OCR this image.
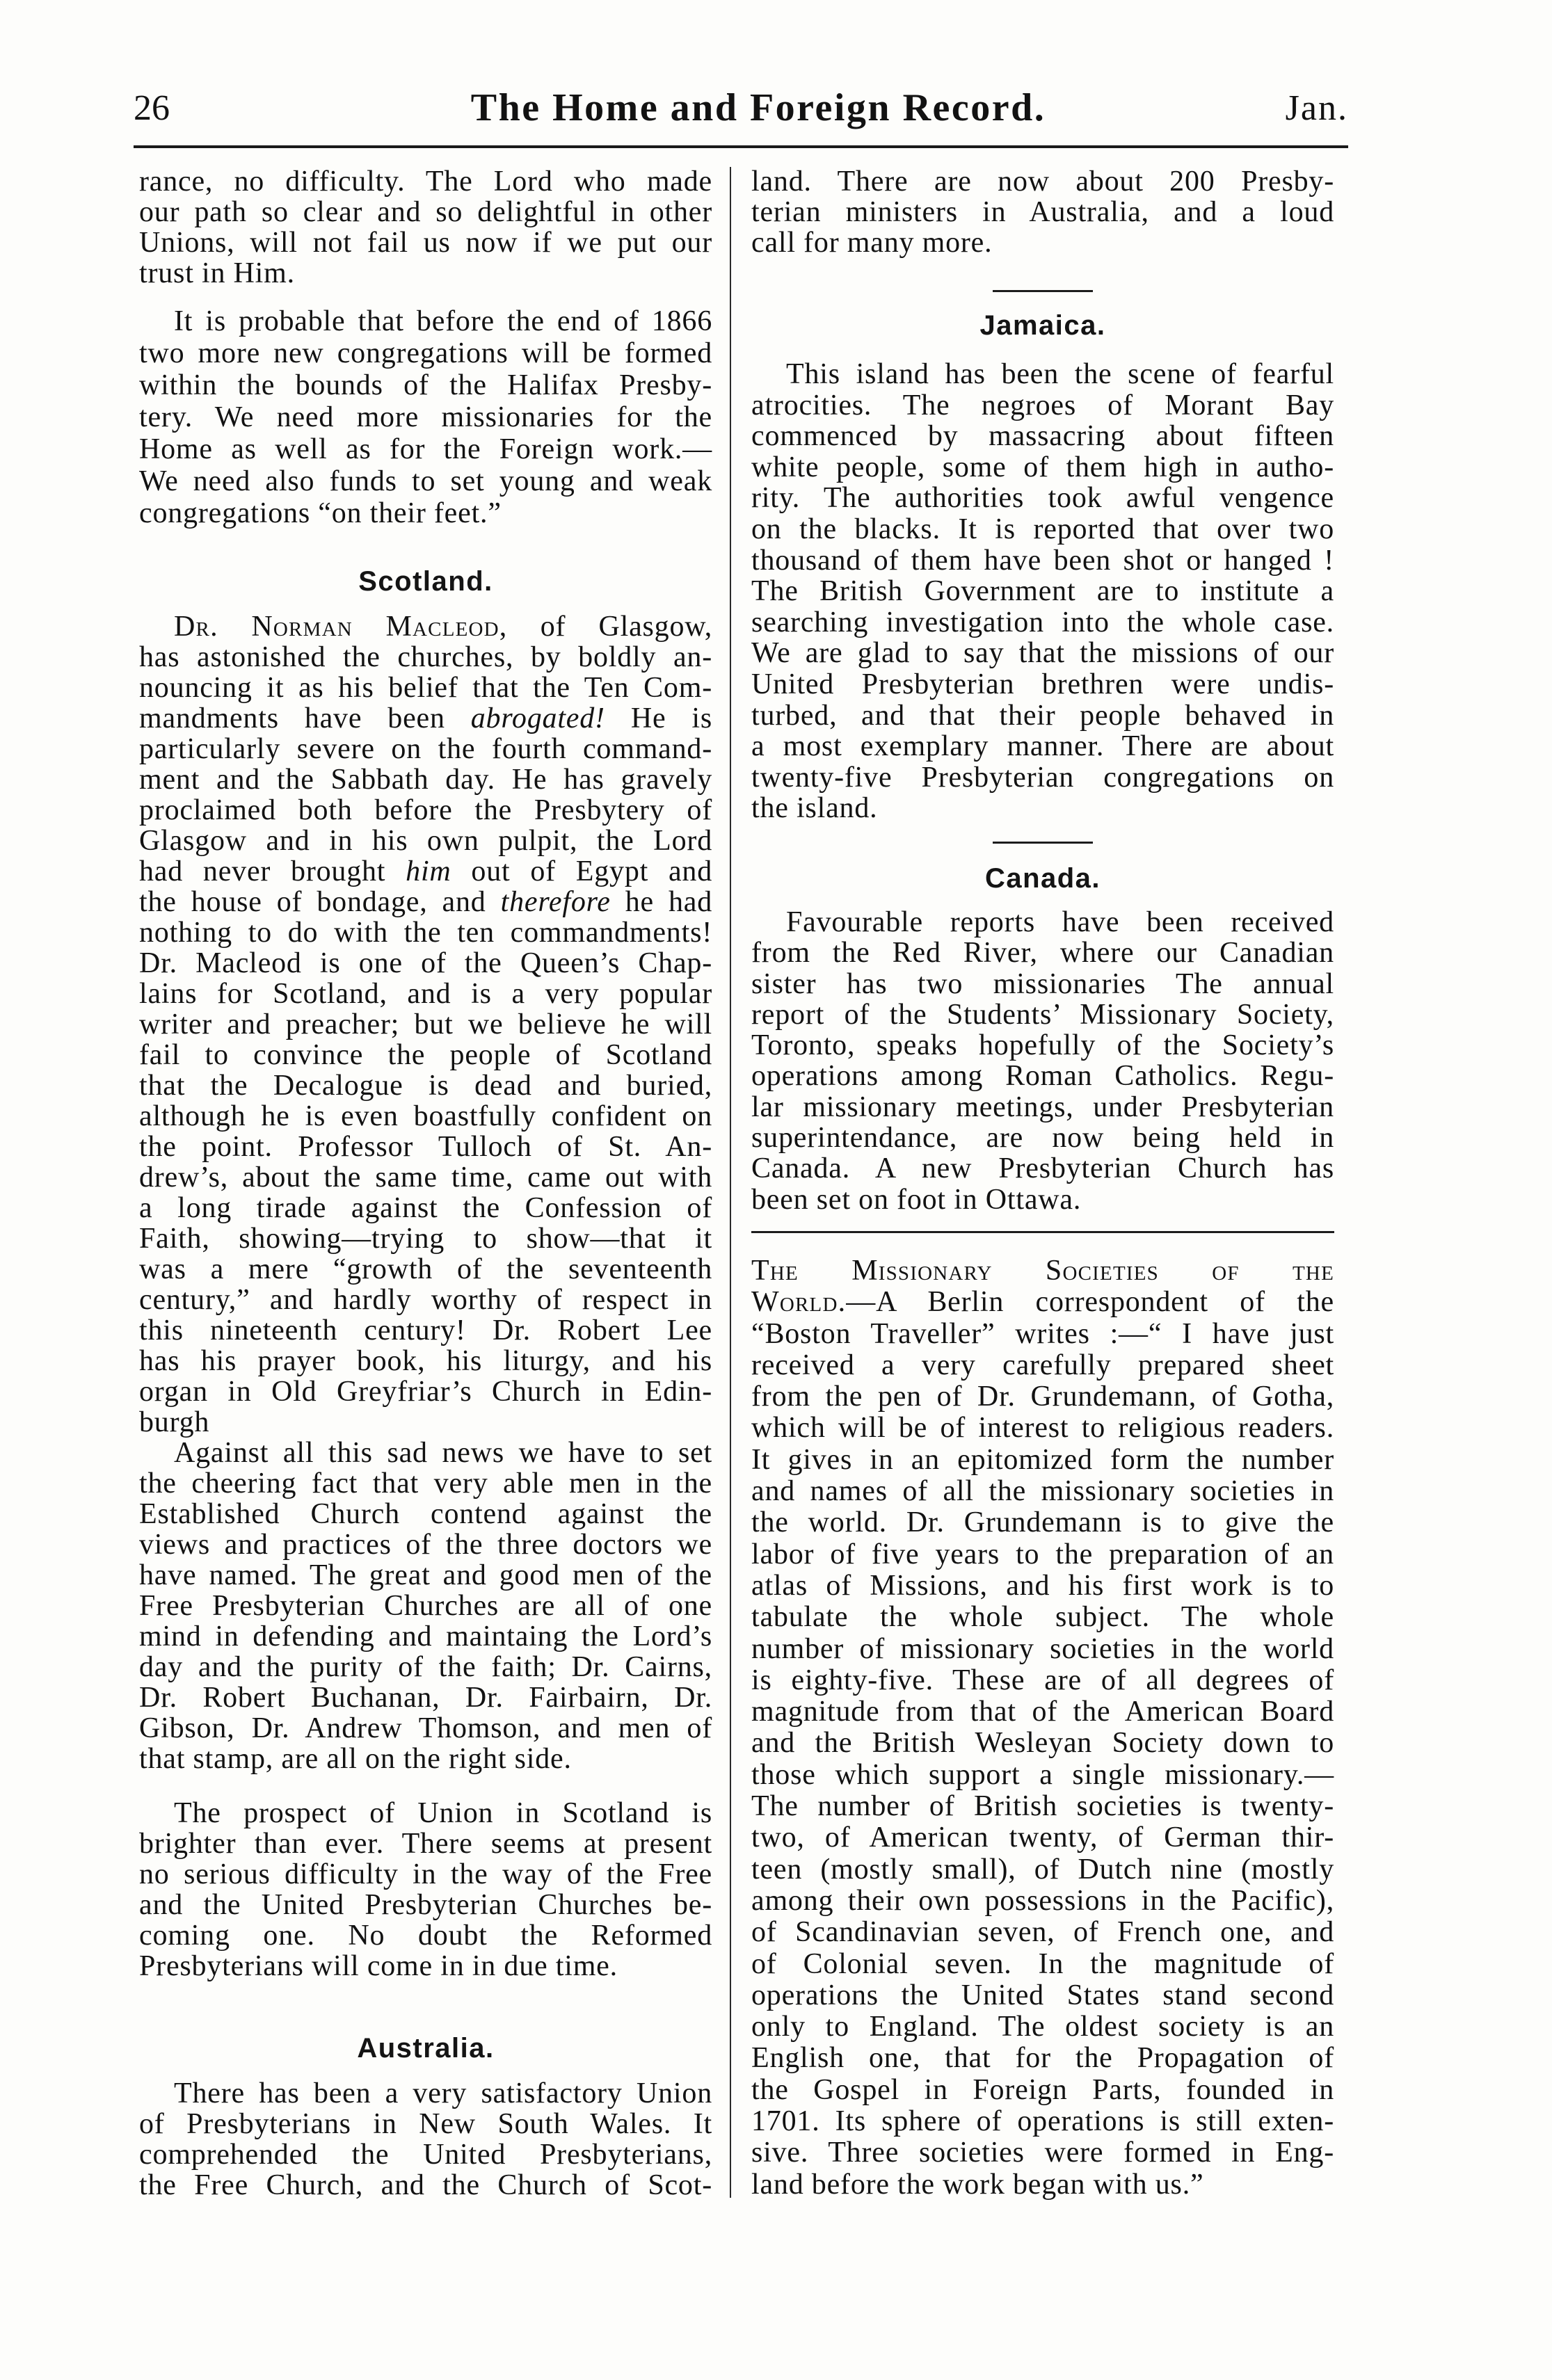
26	The Home and Foreign Record.	Jan.
rance, no difficulty. The Lord who made
our path so clear and so delightful in other
Unions, will not fail us now if we put our
trust in Him.
It is probable that before the end of 1866
two more new congregations will be formed
within the bounds of the Halifax Presby-
tery. We need more missionaries for the
Home as well as for the Foreign work.—
We need also funds to set young and weak
congregations “on their feet.”
Scotland.
Dr. Norman Macleod, of Glasgow,
has astonished the churches, by boldly an-
nouncing it as his belief that the Ten Com-
mandments have been abrogated! He is
particularly severe on the fourth command-
ment and the Sabbath day. He has gravely
proclaimed both before the Presbytery of
Glasgow and in his own pulpit, the Lord
had never brought him out of Egypt and
the house of bondage, and therefore he had
nothing to do with the ten commandments!
Dr. Macleod is one of the Queen’s Chap-
lains for Scotland, and is a very popular
writer and preacher; but we believe he will
fail to convince the people of Scotland
that the Decalogue is dead and buried,
although he is even boastfully confident on
the point. Professor Tulloch of St. An-
drew’s, about the same time, came out with
a long tirade against the Confession of
Faith, showing—trying to show—that it
was a mere “growth of the seventeenth
century,” and hardly worthy of respect in
this nineteenth century! Dr. Robert Lee
has his prayer book, his liturgy, and his
organ in Old Greyfriar’s Church in Edin-
burgh
Against all this sad news we have to set
the cheering fact that very able men in the
Established Church contend against the
views and practices of the three doctors we
have named. The great and good men of the
Free Presbyterian Churches are all of one
mind in defending and maintaing the Lord’s
day and the purity of the faith; Dr. Cairns,
Dr. Robert Buchanan, Dr. Fairbairn, Dr.
Gibson, Dr. Andrew Thomson, and men of
that stamp, are all on the right side.
The prospect of Union in Scotland is
brighter than ever. There seems at present
no serious difficulty in the way of the Free
and the United Presbyterian Churches be-
coming one. No doubt the Reformed
Presbyterians will come in in due time.
Australia.
There has been a very satisfactory Union
of Presbyterians in New South Wales. It
comprehended the United Presbyterians,
the Free Church, and the Church of Scot-
land. There are now about 200 Presby-
terian ministers in Australia, and a loud
call for many more.
Jamaica.
This island has been the scene of fearful
atrocities. The negroes of Morant Bay
commenced by massacring about fifteen
white people, some of them high in autho-
rity. The authorities took awful vengence
on the blacks. It is reported that over two
thousand of them have been shot or hanged !
The British Government are to institute a
searching investigation into the whole case.
We are glad to say that the missions of our
United Presbyterian brethren were undis-
turbed, and that their people behaved in
a most exemplary manner. There are about
twenty-five Presbyterian congregations on
the island.
Canada.
Favourable reports have been received
from the Red River, where our Canadian
sister has two missionaries The annual
report of the Students’ Missionary Society,
Toronto, speaks hopefully of the Society’s
operations among Roman Catholics. Regu-
lar missionary meetings, under Presbyterian
superintendance, are now being held in
Canada. A new Presbyterian Church has
been set on foot in Ottawa.
The Missionary Societies of the
World.—A Berlin correspondent of the
“Boston Traveller” writes :—“ I have just
received a very carefully prepared sheet
from the pen of Dr. Grundemann, of Gotha,
which will be of interest to religious readers.
It gives in an epitomized form the number
and names of all the missionary societies in
the world. Dr. Grundemann is to give the
labor of five years to the preparation of an
atlas of Missions, and his first work is to
tabulate the whole subject. The whole
number of missionary societies in the world
is eighty-five. These are of all degrees of
magnitude from that of the American Board
and the British Wesleyan Society down to
those which support a single missionary.—
The number of British societies is twenty-
two, of American twenty, of German thir-
teen (mostly small), of Dutch nine (mostly
among their own possessions in the Pacific),
of Scandinavian seven, of French one, and
of Colonial seven. In the magnitude of
operations the United States stand second
only to England. The oldest society is an
English one, that for the Propagation of
the Gospel in Foreign Parts, founded in
1701. Its sphere of operations is still exten-
sive. Three societies were formed in Eng-
land before the work began with us.”
